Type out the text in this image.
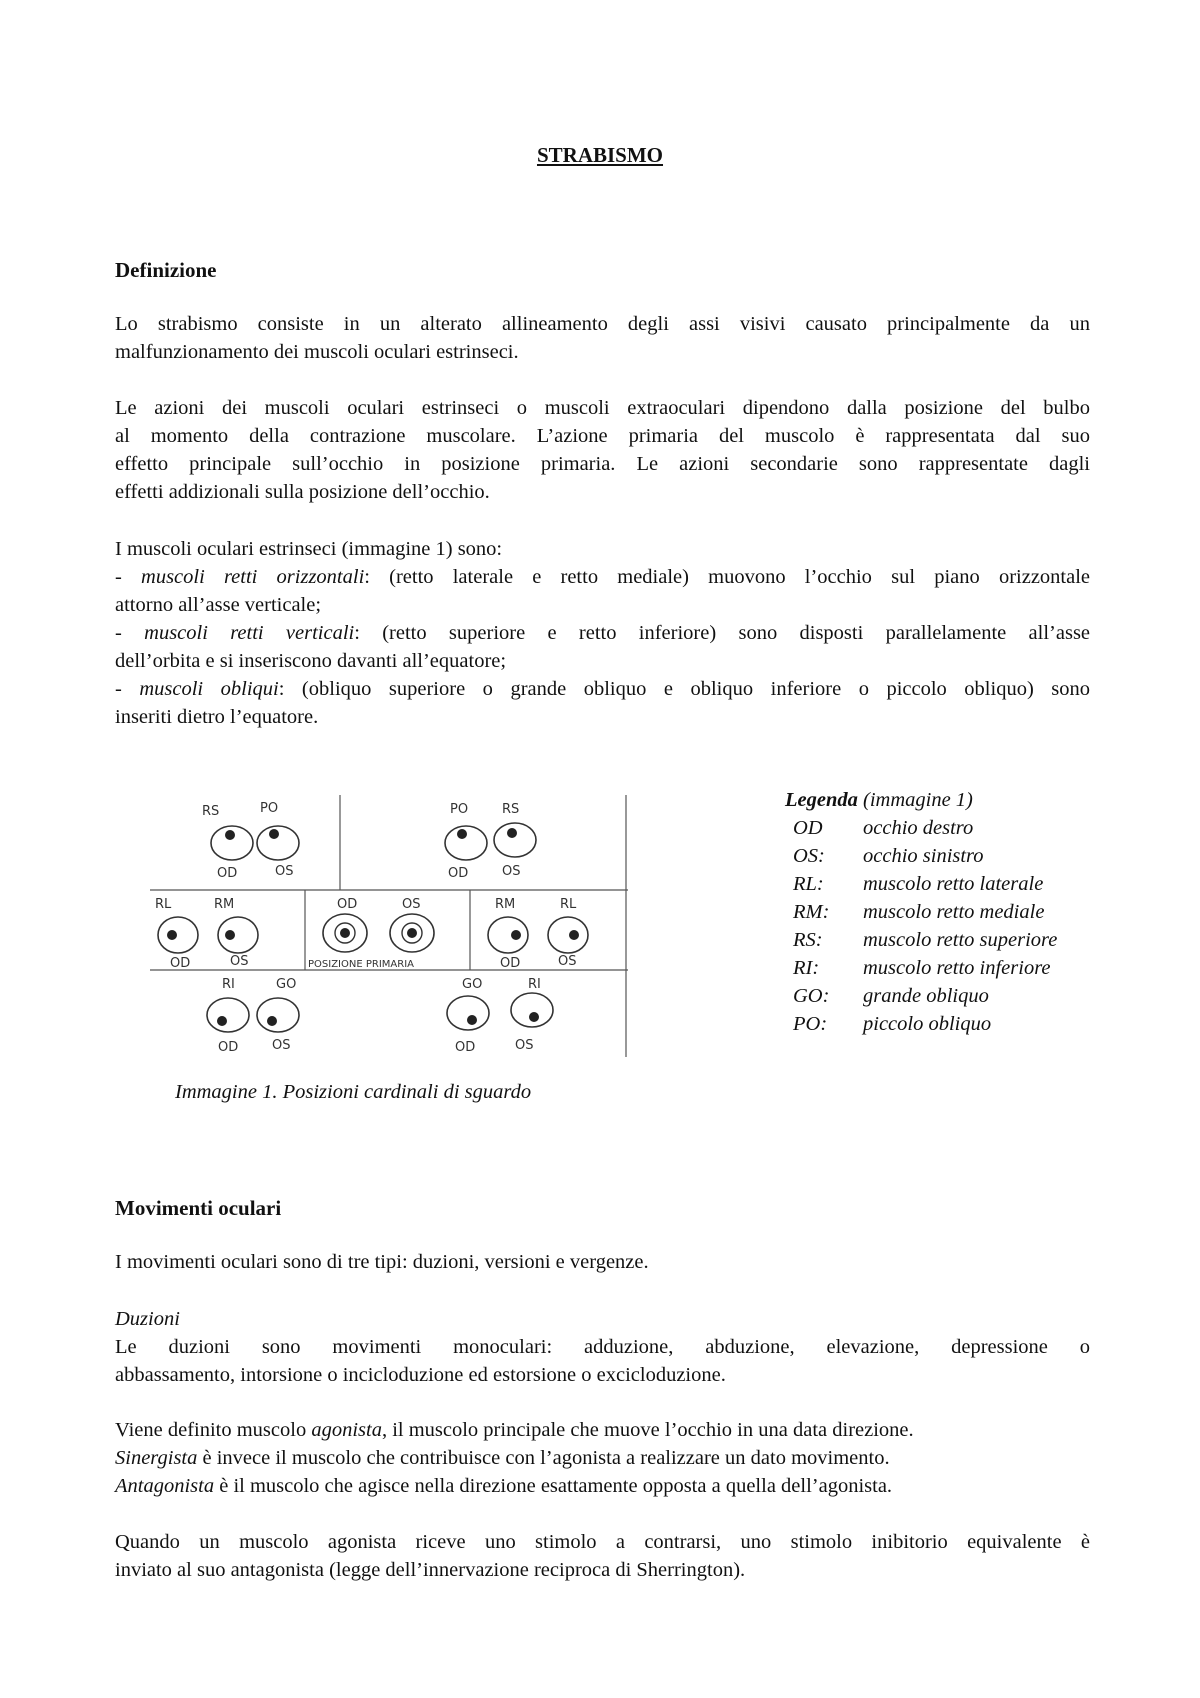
STRABISMO
Definizione
Lo strabismo consiste in un alterato allineamento degli assi visivi causato principalmente da un
malfunzionamento dei muscoli oculari estrinseci.
Le azioni dei muscoli oculari estrinseci o muscoli extraoculari dipendono dalla posizione del bulbo
al momento della contrazione muscolare. L’azione primaria del muscolo è rappresentata dal suo
effetto principale sull’occhio in posizione primaria. Le azioni secondarie sono rappresentate dagli
effetti addizionali sulla posizione dell’occhio.
I muscoli oculari estrinseci (immagine 1) sono:
- muscoli retti orizzontali: (retto laterale e retto mediale) muovono l’occhio sul piano orizzontale
attorno all’asse verticale;
- muscoli retti verticali: (retto superiore e retto inferiore) sono disposti parallelamente all’asse
dell’orbita e si inseriscono davanti all’equatore;
- muscoli obliqui: (obliquo superiore o grande obliquo e obliquo inferiore o piccolo obliquo) sono
inseriti dietro l’equatore.
RS	PO
OD	OS
PO	RS
OD	OS
RL	RM
OD	OS
OD	OS
POSIZIONE PRIMARIA
RM	RL
OD	OS
RI	GO
OD	OS
GO	RI
OD	OS
Immagine 1. Posizioni cardinali di sguardo
Legenda (immagine 1)
OD	occhio destro
OS:	occhio sinistro
RL:	muscolo retto laterale
RM:	muscolo retto mediale
RS:	muscolo retto superiore
RI:	muscolo retto inferiore
GO:	grande obliquo
PO:	piccolo obliquo
Movimenti oculari
I movimenti oculari sono di tre tipi: duzioni, versioni e vergenze.
Duzioni
Le duzioni sono movimenti monoculari: adduzione, abduzione, elevazione, depressione o
abbassamento, intorsione o incicloduzione ed estorsione o excicloduzione.
Viene definito muscolo agonista, il muscolo principale che muove l’occhio in una data direzione.
Sinergista è invece il muscolo che contribuisce con l’agonista a realizzare un dato movimento.
Antagonista è il muscolo che agisce nella direzione esattamente opposta a quella dell’agonista.
Quando un muscolo agonista riceve uno stimolo a contrarsi, uno stimolo inibitorio equivalente è
inviato al suo antagonista (legge dell’innervazione reciproca di Sherrington).
